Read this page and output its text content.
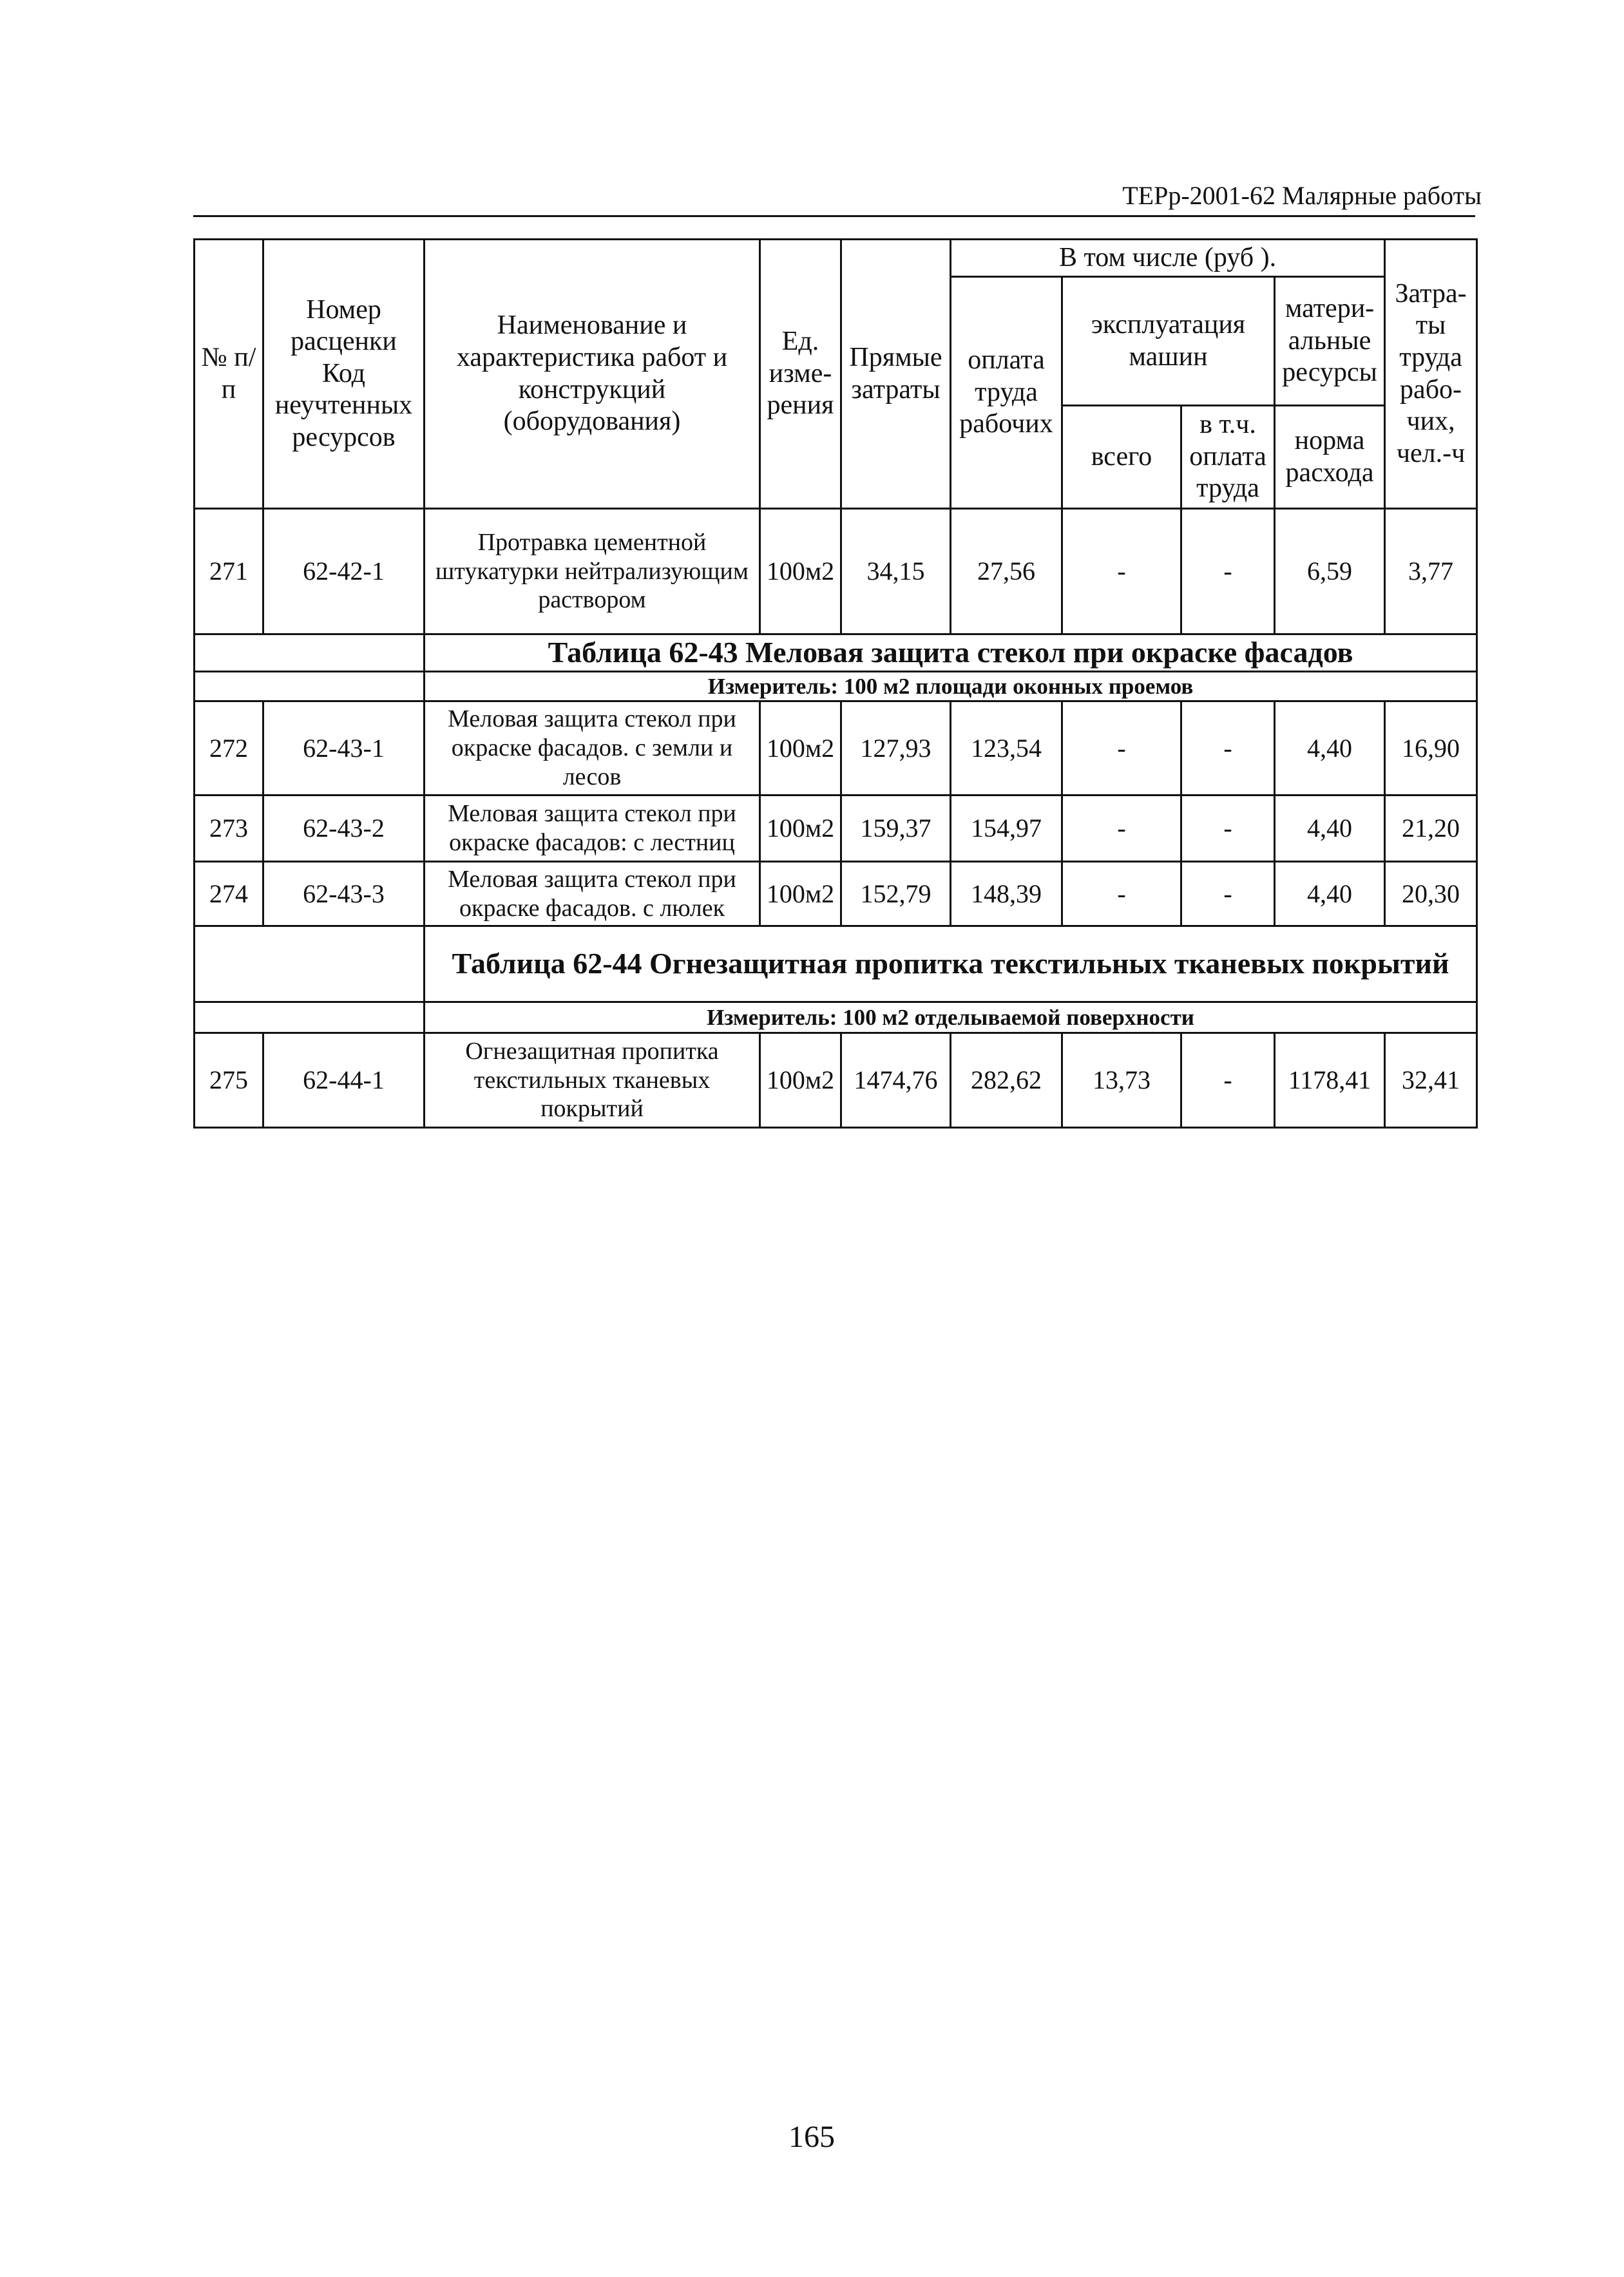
ТЕРр-2001-62 Малярные работы
№ п/п	Номер расценки Код неучтенных ресурсов	Наименование и характеристика работ и конструкций (оборудования)	Ед. изме-рения	Прямые затраты	В том числе (руб ).				Затра-ты труда рабо-чих, чел.-ч
					оплата труда рабочих	эксплуатация машин		матери-альные ресурсы	
						всего	в т.ч. оплата труда	норма расхода	

271	62-42-1	Протравка цементной штукатурки нейтрализующим раствором	100м2	34,15	27,56	-	-	6,59	3,77
		Таблица 62-43 Меловая защита стекол при окраске фасадов							
		Измеритель: 100 м2 площади оконных проемов							
272	62-43-1	Меловая защита стекол при окраске фасадов. с земли и лесов	100м2	127,93	123,54	-	-	4,40	16,90
273	62-43-2	Меловая защита стекол при окраске фасадов: с лестниц	100м2	159,37	154,97	-	-	4,40	21,20
274	62-43-3	Меловая защита стекол при окраске фасадов. с люлек	100м2	152,79	148,39	-	-	4,40	20,30
		Таблица 62-44 Огнезащитная пропитка текстильных тканевых покрытий							
		Измеритель: 100 м2 отделываемой поверхности							
275	62-44-1	Огнезащитная пропитка текстильных тканевых покрытий	100м2	1474,76	282,62	13,73	-	1178,41	32,41
165
